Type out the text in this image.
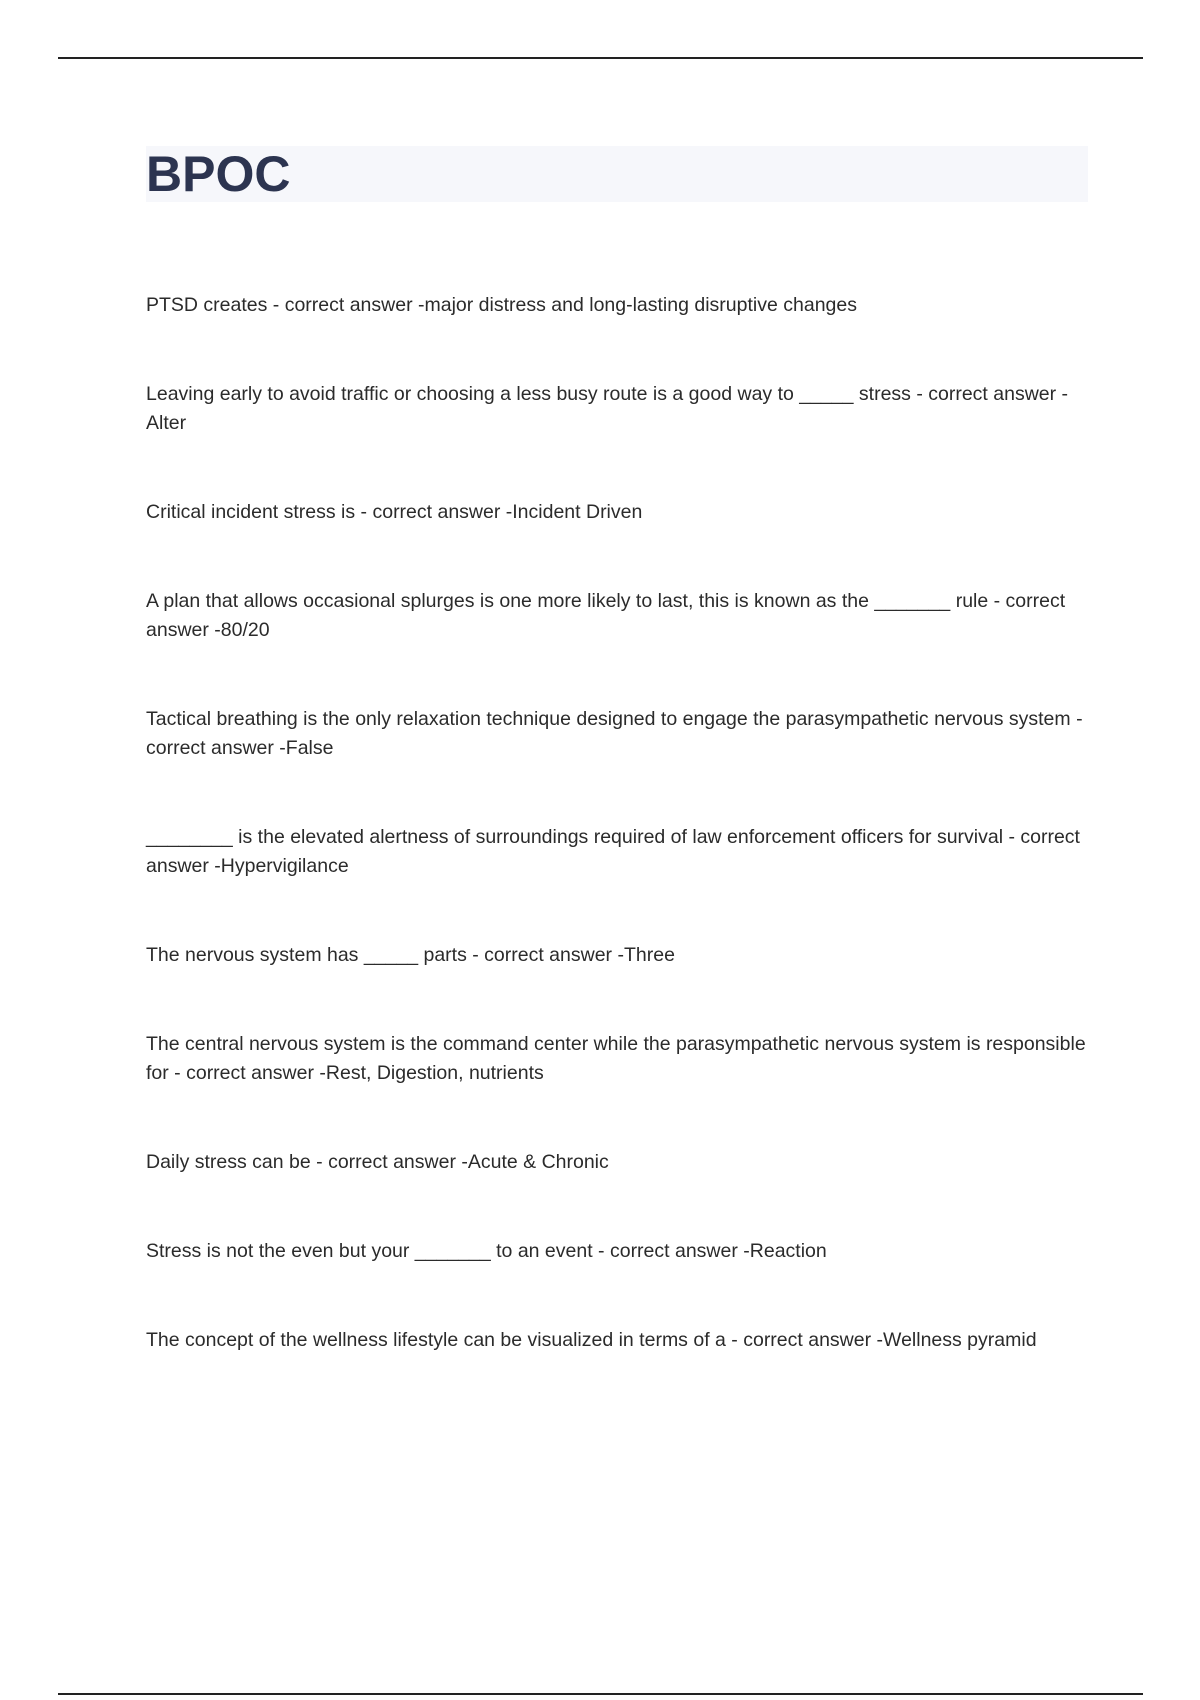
BPOC
PTSD creates - correct answer -major distress and long-lasting disruptive changes
Leaving early to avoid traffic or choosing a less busy route is a good way to _____ stress - correct answer -Alter
Critical incident stress is - correct answer -Incident Driven
A plan that allows occasional splurges is one more likely to last, this is known as the _______ rule - correct answer -80/20
Tactical breathing is the only relaxation technique designed to engage the parasympathetic nervous system - correct answer -False
________ is the elevated alertness of surroundings required of law enforcement officers for survival - correct answer -Hypervigilance
The nervous system has _____ parts - correct answer -Three
The central nervous system is the command center while the parasympathetic nervous system is responsible for - correct answer -Rest, Digestion, nutrients
Daily stress can be - correct answer -Acute & Chronic
Stress is not the even but your _______ to an event - correct answer -Reaction
The concept of the wellness lifestyle can be visualized in terms of a - correct answer -Wellness pyramid
